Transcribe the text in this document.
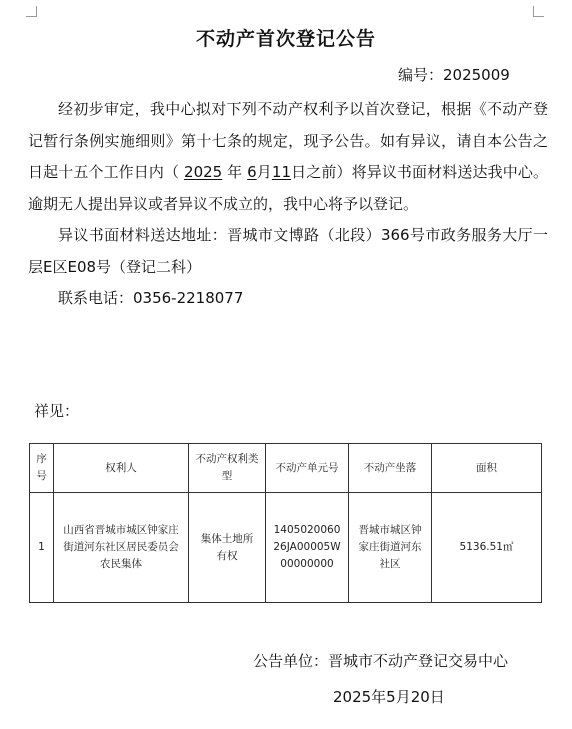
不动产首次登记公告
编号：2025009

经初步审定，我中心拟对下列不动产权利予以首次登记，根据《不动产登记暂行条例实施细则》第十七条的规定，现予公告。如有异议，请自本公告之日起十五个工作日内（ 2025 年 6月11日之前）将异议书面材料送达我中心。逾期无人提出异议或者异议不成立的，我中心将予以登记。

异议书面材料送达地址：晋城市文博路（北段）366号市政务服务大厅一层E区E08号（登记二科）

联系电话：0356-2218077

祥见：
序号	权利人	不动产权利类型	不动产单元号	不动产坐落	面积
1	山西省晋城市城区钟家庄街道河东社区居民委员会农民集体	集体土地所有权	140502006026JA00005W00000000	晋城市城区钟家庄街道河东社区	5136.51㎡
公告单位：晋城市不动产登记交易中心
2025年5月20日
